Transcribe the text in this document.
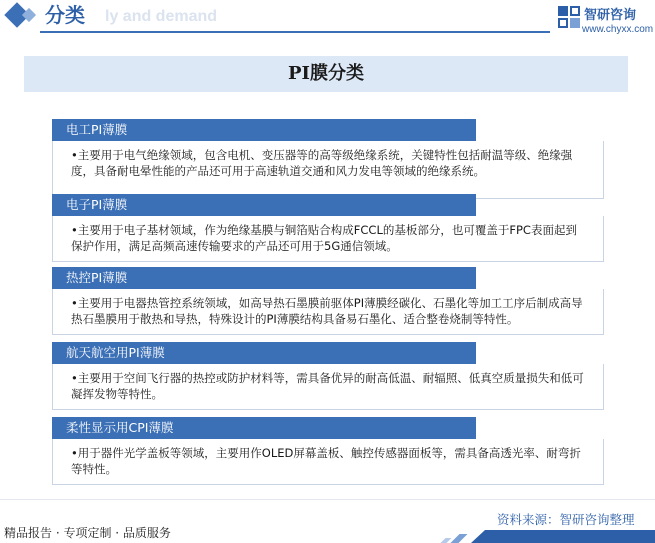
ly and demand
分类	智研咨询
www.chyxx.com
PI膜分类
电工PI薄膜
•主要用于电气绝缘领域，包含电机、变压器等的高等级绝缘系统，关键特性包括耐温等级、绝缘强度，具备耐电晕性能的产品还可用于高速轨道交通和风力发电等领域的绝缘系统。
电子PI薄膜
•主要用于电子基材领域，作为绝缘基膜与铜箔贴合构成FCCL的基板部分，也可覆盖于FPC表面起到保护作用，满足高频高速传输要求的产品还可用于5G通信领域。
热控PI薄膜
•主要用于电器热管控系统领域，如高导热石墨膜前驱体PI薄膜经碳化、石墨化等加工工序后制成高导热石墨膜用于散热和导热，特殊设计的PI薄膜结构具备易石墨化、适合整卷烧制等特性。
航天航空用PI薄膜
•主要用于空间飞行器的热控或防护材料等，需具备优异的耐高低温、耐辐照、低真空质量损失和低可凝挥发物等特性。
柔性显示用CPI薄膜
•用于器件光学盖板等领域，主要用作OLED屏幕盖板、触控传感器面板等，需具备高透光率、耐弯折等特性。
资料来源：智研咨询整理
精品报告 · 专项定制 · 品质服务
